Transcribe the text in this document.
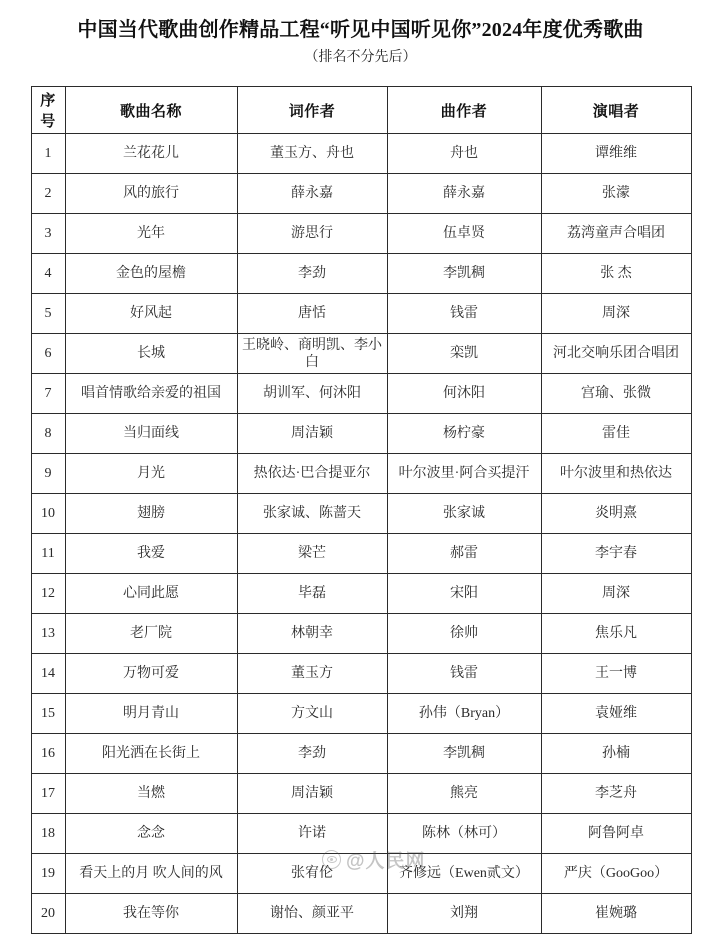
中国当代歌曲创作精品工程“听见中国听见你”2024年度优秀歌曲
（排名不分先后）
序号	歌曲名称	词作者	曲作者	演唱者
1	兰花花儿	董玉方、舟也	舟也	谭维维
2	风的旅行	薛永嘉	薛永嘉	张濛
3	光年	游思行	伍卓贤	荔湾童声合唱团
4	金色的屋檐	李劲	李凯稠	张 杰
5	好风起	唐恬	钱雷	周深
6	长城	王晓岭、商明凯、李小白	栾凯	河北交响乐团合唱团
7	唱首情歌给亲爱的祖国	胡训军、何沐阳	何沐阳	宫瑜、张微
8	当归面线	周洁颖	杨柠豪	雷佳
9	月光	热依达·巴合提亚尔	叶尔波里·阿合买提汗	叶尔波里和热依达
10	翅膀	张家诚、陈蔷天	张家诚	炎明熹
11	我爱	梁芒	郝雷	李宇春
12	心同此愿	毕磊	宋阳	周深
13	老厂院	林朝幸	徐帅	焦乐凡
14	万物可爱	董玉方	钱雷	王一博
15	明月青山	方文山	孙伟（Bryan）	袁娅维
16	阳光洒在长街上	李劲	李凯稠	孙楠
17	当燃	周洁颖	熊亮	李芝舟
18	念念	许诺	陈林（林可）	阿鲁阿卓
19	看天上的月 吹人间的风	张宥伦	齐修远（Ewen贰文）	严庆（GooGoo）
20	我在等你	谢怡、颜亚平	刘翔	崔婉璐
@人民网
